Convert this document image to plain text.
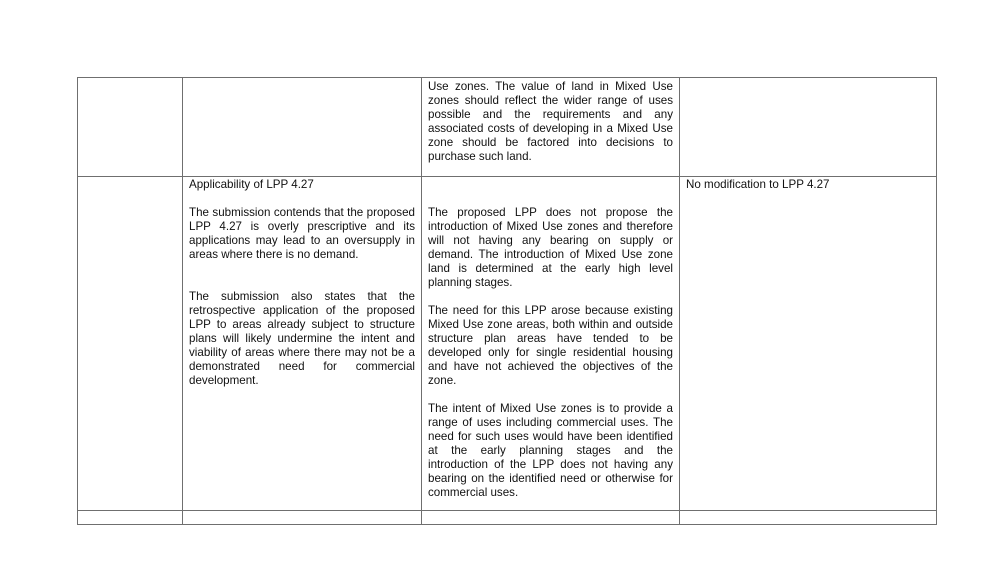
Use zones. The value of land in Mixed Use zones should reflect the wider range of uses possible and the requirements and any associated costs of developing in a Mixed Use zone should be factored into decisions to purchase such land.

Applicability of LPP 4.27

The submission contends that the proposed LPP 4.27 is overly prescriptive and its applications may lead to an oversupply in areas where there is no demand.

The submission also states that the retrospective application of the proposed LPP to areas already subject to structure plans will likely undermine the intent and viability of areas where there may not be a demonstrated need for commercial development.

The proposed LPP does not propose the introduction of Mixed Use zones and therefore will not having any bearing on supply or demand. The introduction of Mixed Use zone land is determined at the early high level planning stages.

The need for this LPP arose because existing Mixed Use zone areas, both within and outside structure plan areas have tended to be developed only for single residential housing and have not achieved the objectives of the zone.

The intent of Mixed Use zones is to provide a range of uses including commercial uses. The need for such uses would have been identified at the early planning stages and the introduction of the LPP does not having any bearing on the identified need or otherwise for commercial uses.

No modification to LPP 4.27
